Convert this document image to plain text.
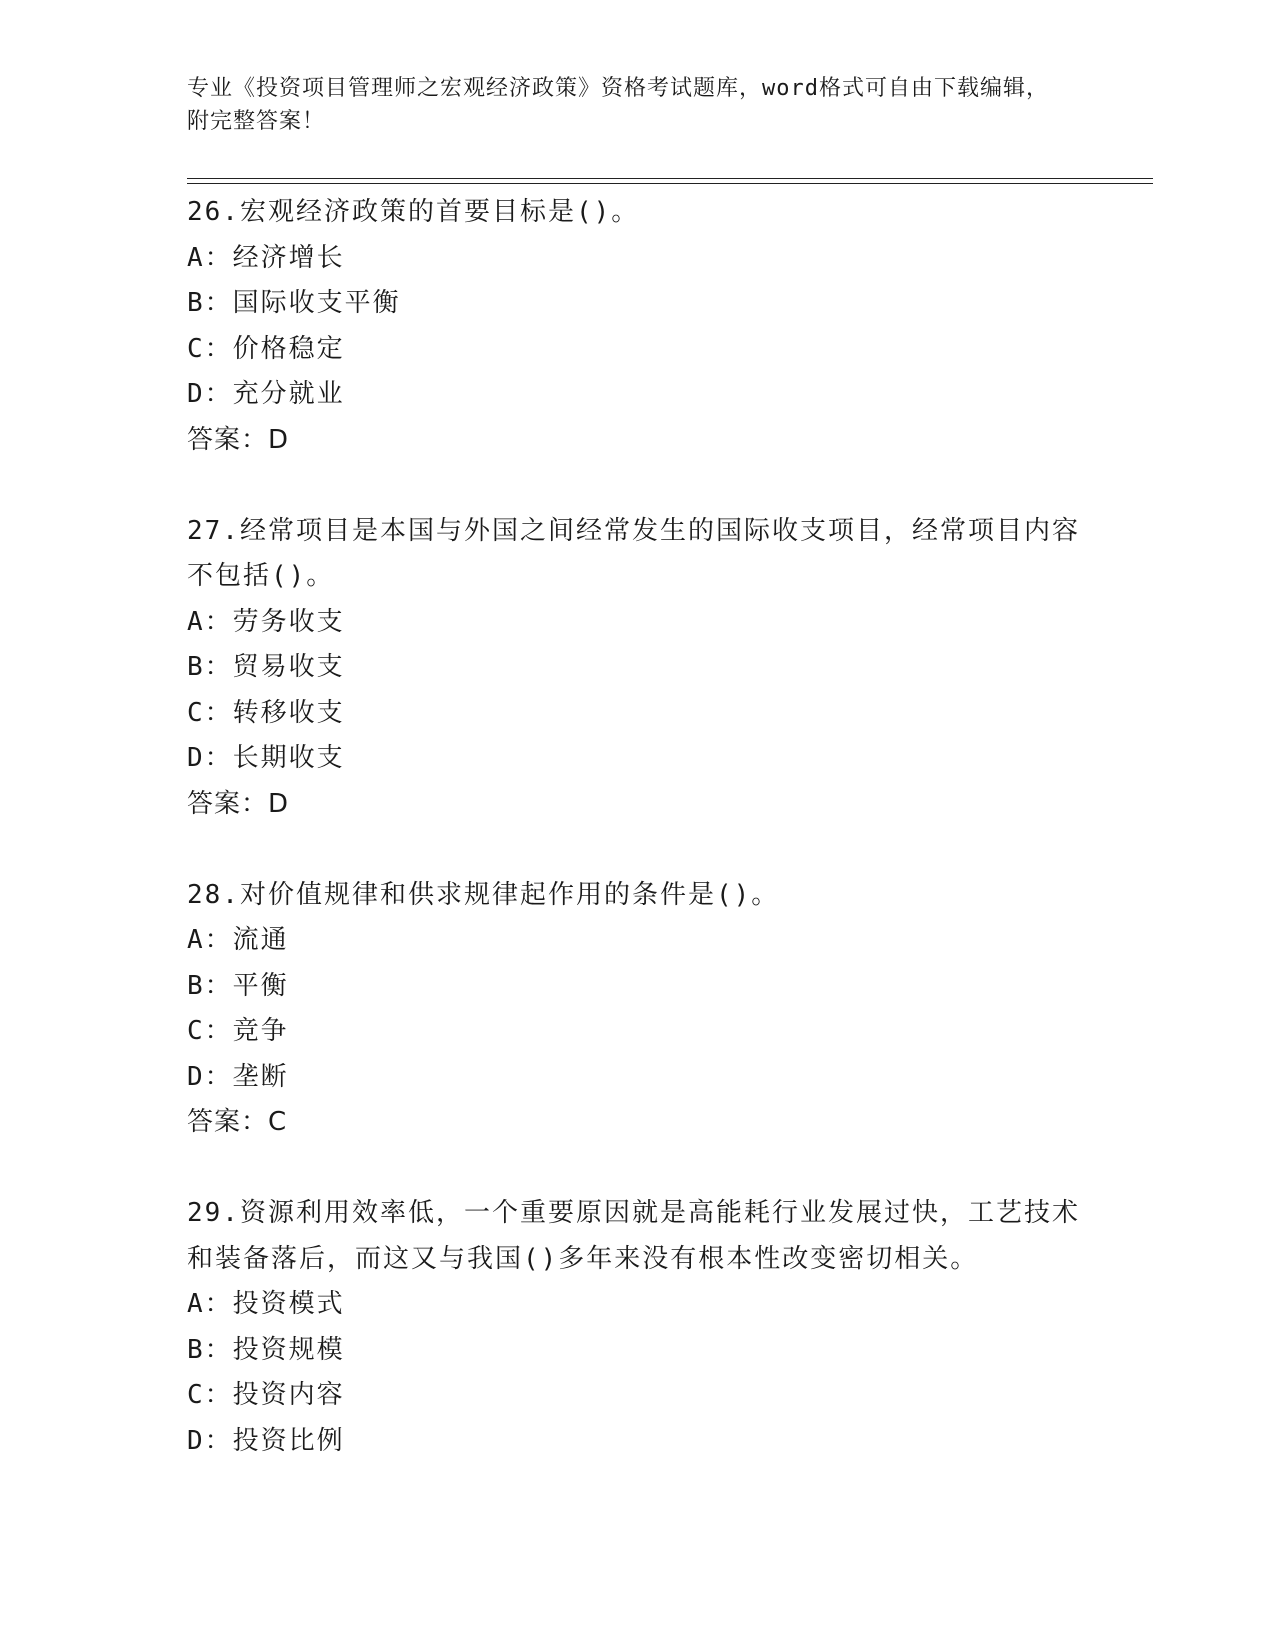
专业《投资项目管理师之宏观经济政策》资格考试题库，word格式可自由下载编辑，附完整答案！

26.宏观经济政策的首要目标是()。

A：经济增长

B：国际收支平衡

C：价格稳定

D：充分就业

答案：D

27.经常项目是本国与外国之间经常发生的国际收支项目，经常项目内容不包括()。

A：劳务收支

B：贸易收支

C：转移收支

D：长期收支

答案：D

28.对价值规律和供求规律起作用的条件是()。

A：流通

B：平衡

C：竞争

D：垄断

答案：C

29.资源利用效率低，一个重要原因就是高能耗行业发展过快，工艺技术和装备落后，而这又与我国()多年来没有根本性改变密切相关。

A：投资模式

B：投资规模

C：投资内容

D：投资比例
